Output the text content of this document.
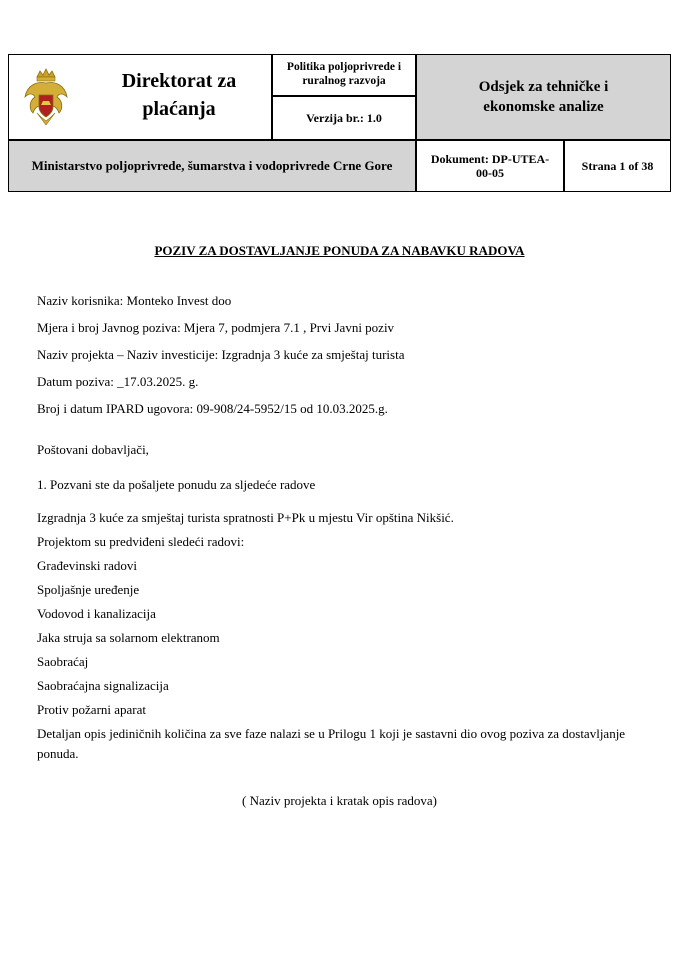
Direktorat za plaćanja
Politika poljoprivrede i ruralnog razvoja
Verzija br.: 1.0
Odsjek za tehničke i ekonomske analize
Ministarstvo poljoprivrede, šumarstva i vodoprivrede Crne Gore	Dokument: DP-UTEA-00-05
Strana 1 of 38
POZIV ZA DOSTAVLJANJE PONUDA ZA NABAVKU RADOVA
Naziv korisnika: Monteko Invest doo
Mjera i broj Javnog poziva: Mjera 7, podmjera 7.1 , Prvi Javni poziv
Naziv projekta – Naziv investicije: Izgradnja 3 kuće za smještaj turista
Datum poziva: _17.03.2025. g.
Broj i datum IPARD ugovora: 09-908/24-5952/15 od 10.03.2025.g.
Poštovani dobavljači,
1. Pozvani ste da pošaljete ponudu za sljedeće radove
Izgradnja 3 kuće za smještaj turista spratnosti P+Pk u mjestu Vir opština Nikšić.
Projektom su predviđeni sledeći radovi:
Građevinski radovi
Spoljašnje uređenje
Vodovod i kanalizacija
Jaka struja sa solarnom elektranom
Saobraćaj
Saobraćajna signalizacija
Protiv požarni aparat
Detaljan opis jediničnih količina za sve faze nalazi se u Prilogu 1 koji je sastavni dio ovog poziva za dostavljanje ponuda.
( Naziv projekta i kratak opis radova)
